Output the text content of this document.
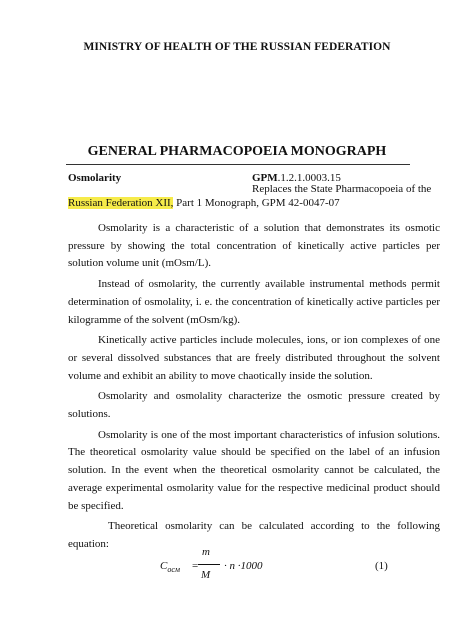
MINISTRY OF HEALTH OF THE RUSSIAN FEDERATION
GENERAL PHARMACOPOEIA MONOGRAPH
Osmolarity	GPM.1.2.1.0003.15
Replaces the State Pharmacopoeia of the
Russian Federation XII, Part 1 Monograph, GPM 42-0047-07

Osmolarity is a characteristic of a solution that demonstrates its osmotic pressure by showing the total concentration of kinetically active particles per solution volume unit (mOsm/L).

Instead of osmolarity, the currently available instrumental methods permit determination of osmolality, i. e. the concentration of kinetically active particles per kilogramme of the solvent (mOsm/kg).

Kinetically active particles include molecules, ions, or ion complexes of one or several dissolved substances that are freely distributed throughout the solvent volume and exhibit an ability to move chaotically inside the solution.

Osmolarity and osmolality characterize the osmotic pressure created by solutions.

Osmolarity is one of the most important characteristics of infusion solutions. The theoretical osmolarity value should be specified on the label of an infusion solution. In the event when the theoretical osmolarity cannot be calculated, the average experimental osmolarity value for the respective medicinal product should be specified.

Theoretical osmolarity can be calculated according to the following equation:

$C_{осм}$ =
m
M
· n ·1000	(1)
